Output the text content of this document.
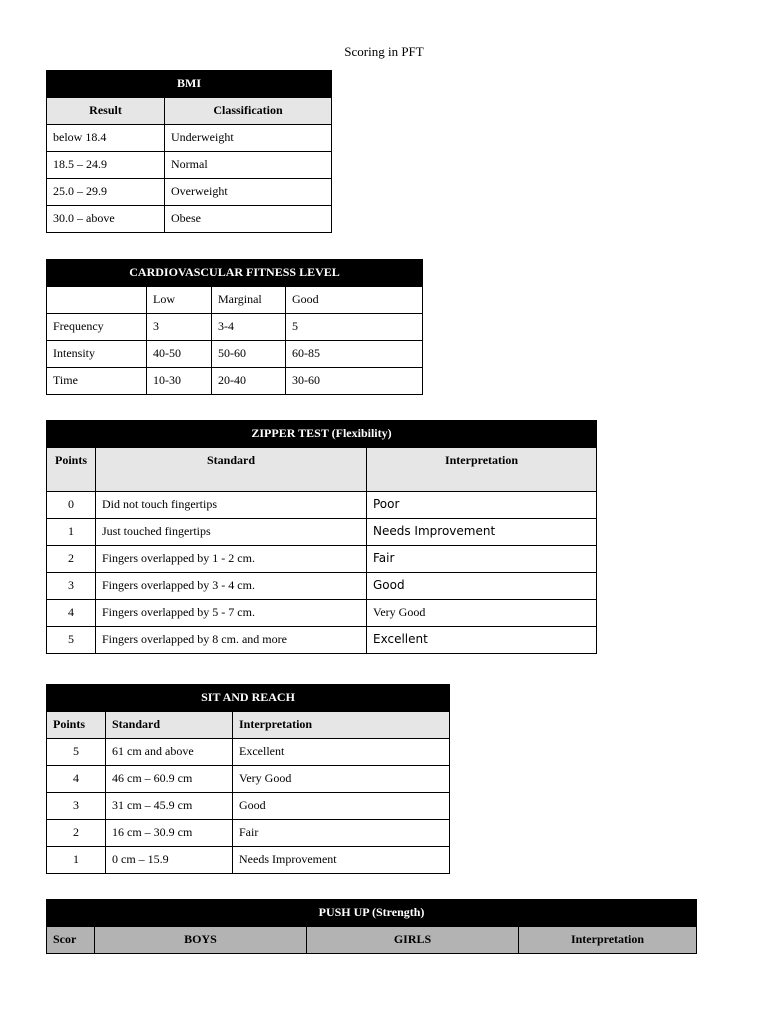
Scoring in PFT
BMI	
Result	Classification
below 18.4	Underweight
18.5 – 24.9	Normal
25.0 – 29.9	Overweight
30.0 – above	Obese
CARDIOVASCULAR FITNESS LEVEL			
	Low	Marginal	Good
Frequency	3	3-4	5
Intensity	40-50	50-60	60-85
Time	10-30	20-40	30-60
ZIPPER TEST (Flexibility)		
Points	Standard	Interpretation
0	Did not touch fingertips	Poor
1	Just touched fingertips	Needs Improvement
2	Fingers overlapped by 1 - 2 cm.	Fair
3	Fingers overlapped by 3 - 4 cm.	Good
4	Fingers overlapped by 5 - 7 cm.	Very Good
5	Fingers overlapped by 8 cm. and more	Excellent
SIT AND REACH		
Points	Standard	Interpretation
5	61 cm and above	Excellent
4	46 cm – 60.9 cm	Very Good
3	31 cm – 45.9 cm	Good
2	16 cm – 30.9 cm	Fair
1	0 cm – 15.9	Needs Improvement
PUSH UP (Strength)
Scor	BOYS	GIRLS	Interpretation
